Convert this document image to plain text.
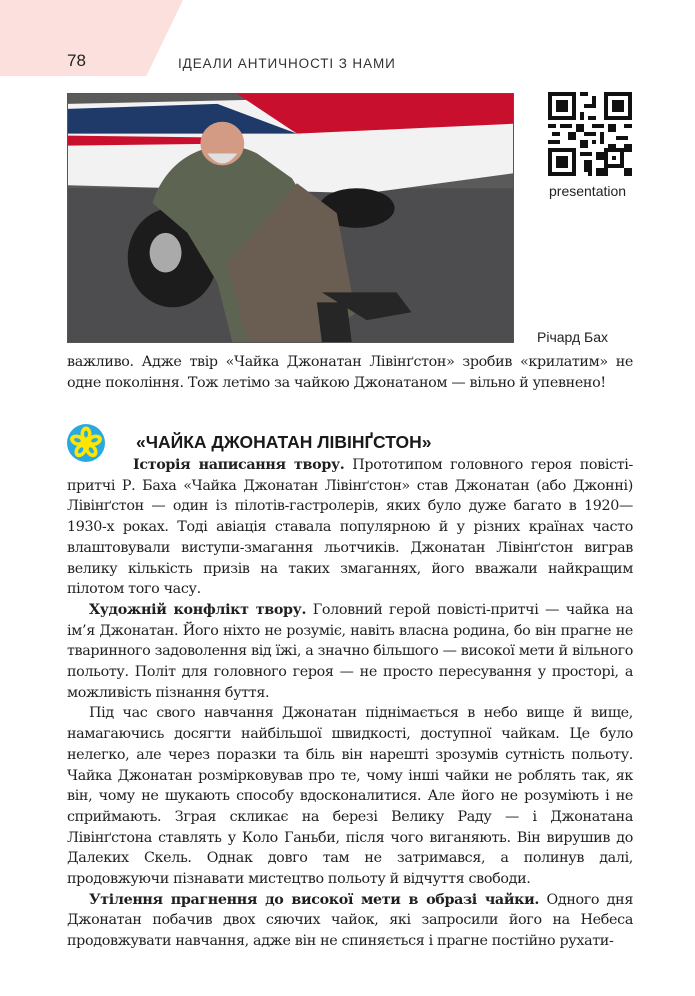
78	ІДЕАЛИ АНТИЧНОСТІ З НАМИ
presentation
Річард Бах

важливо. Адже твір «Чайка Джонатан Лівінґстон» зробив «крилатим» не одне покоління. Тож летімо за чайкою Джонатаном — вільно й упевнено!

«ЧАЙКА ДЖОНАТАН ЛІВІНҐСТОН»

Історія написання твору. Прототипом головного героя повісті-притчі Р. Баха «Чайка Джонатан Лівінґстон» став Джонатан (або Джонні) Лівінґстон — один із пілотів-гастролерів, яких було дуже багато в 1920—1930-х роках. Тоді авіація ставала популярною й у різних країнах часто влаштовували виступи-змагання льотчиків. Джонатан Лівінґстон виграв велику кількість призів на таких змаганнях, його вважали найкращим пілотом того часу.

Художній конфлікт твору. Головний герой повісті-притчі — чайка на ім’я Джонатан. Його ніхто не розуміє, навіть власна родина, бо він прагне не тваринного задоволення від їжі, а значно більшого — високої мети й вільного польоту. Політ для головного героя — не просто пересування у просторі, а можливість пізнання буття.

Під час свого навчання Джонатан піднімається в небо вище й вище, намагаючись досягти найбільшої швидкості, доступної чайкам. Це було нелегко, але через поразки та біль він нарешті зрозумів сутність польоту. Чайка Джонатан розмірковував про те, чому інші чайки не роблять так, як він, чому не шукають способу вдосконалитися. Але його не розуміють і не сприймають. Зграя скликає на березі Велику Раду — і Джонатана Лівінґстона ставлять у Коло Ганьби, після чого виганяють. Він вирушив до Далеких Скель. Однак довго там не затримався, а полинув далі, продовжуючи пізнавати мистецтво польоту й відчуття свободи.

Утілення прагнення до високої мети в образі чайки. Одного дня Джонатан побачив двох сяючих чайок, які запросили його на Небеса продовжувати навчання, адже він не спиняється і прагне постійно рухати-
